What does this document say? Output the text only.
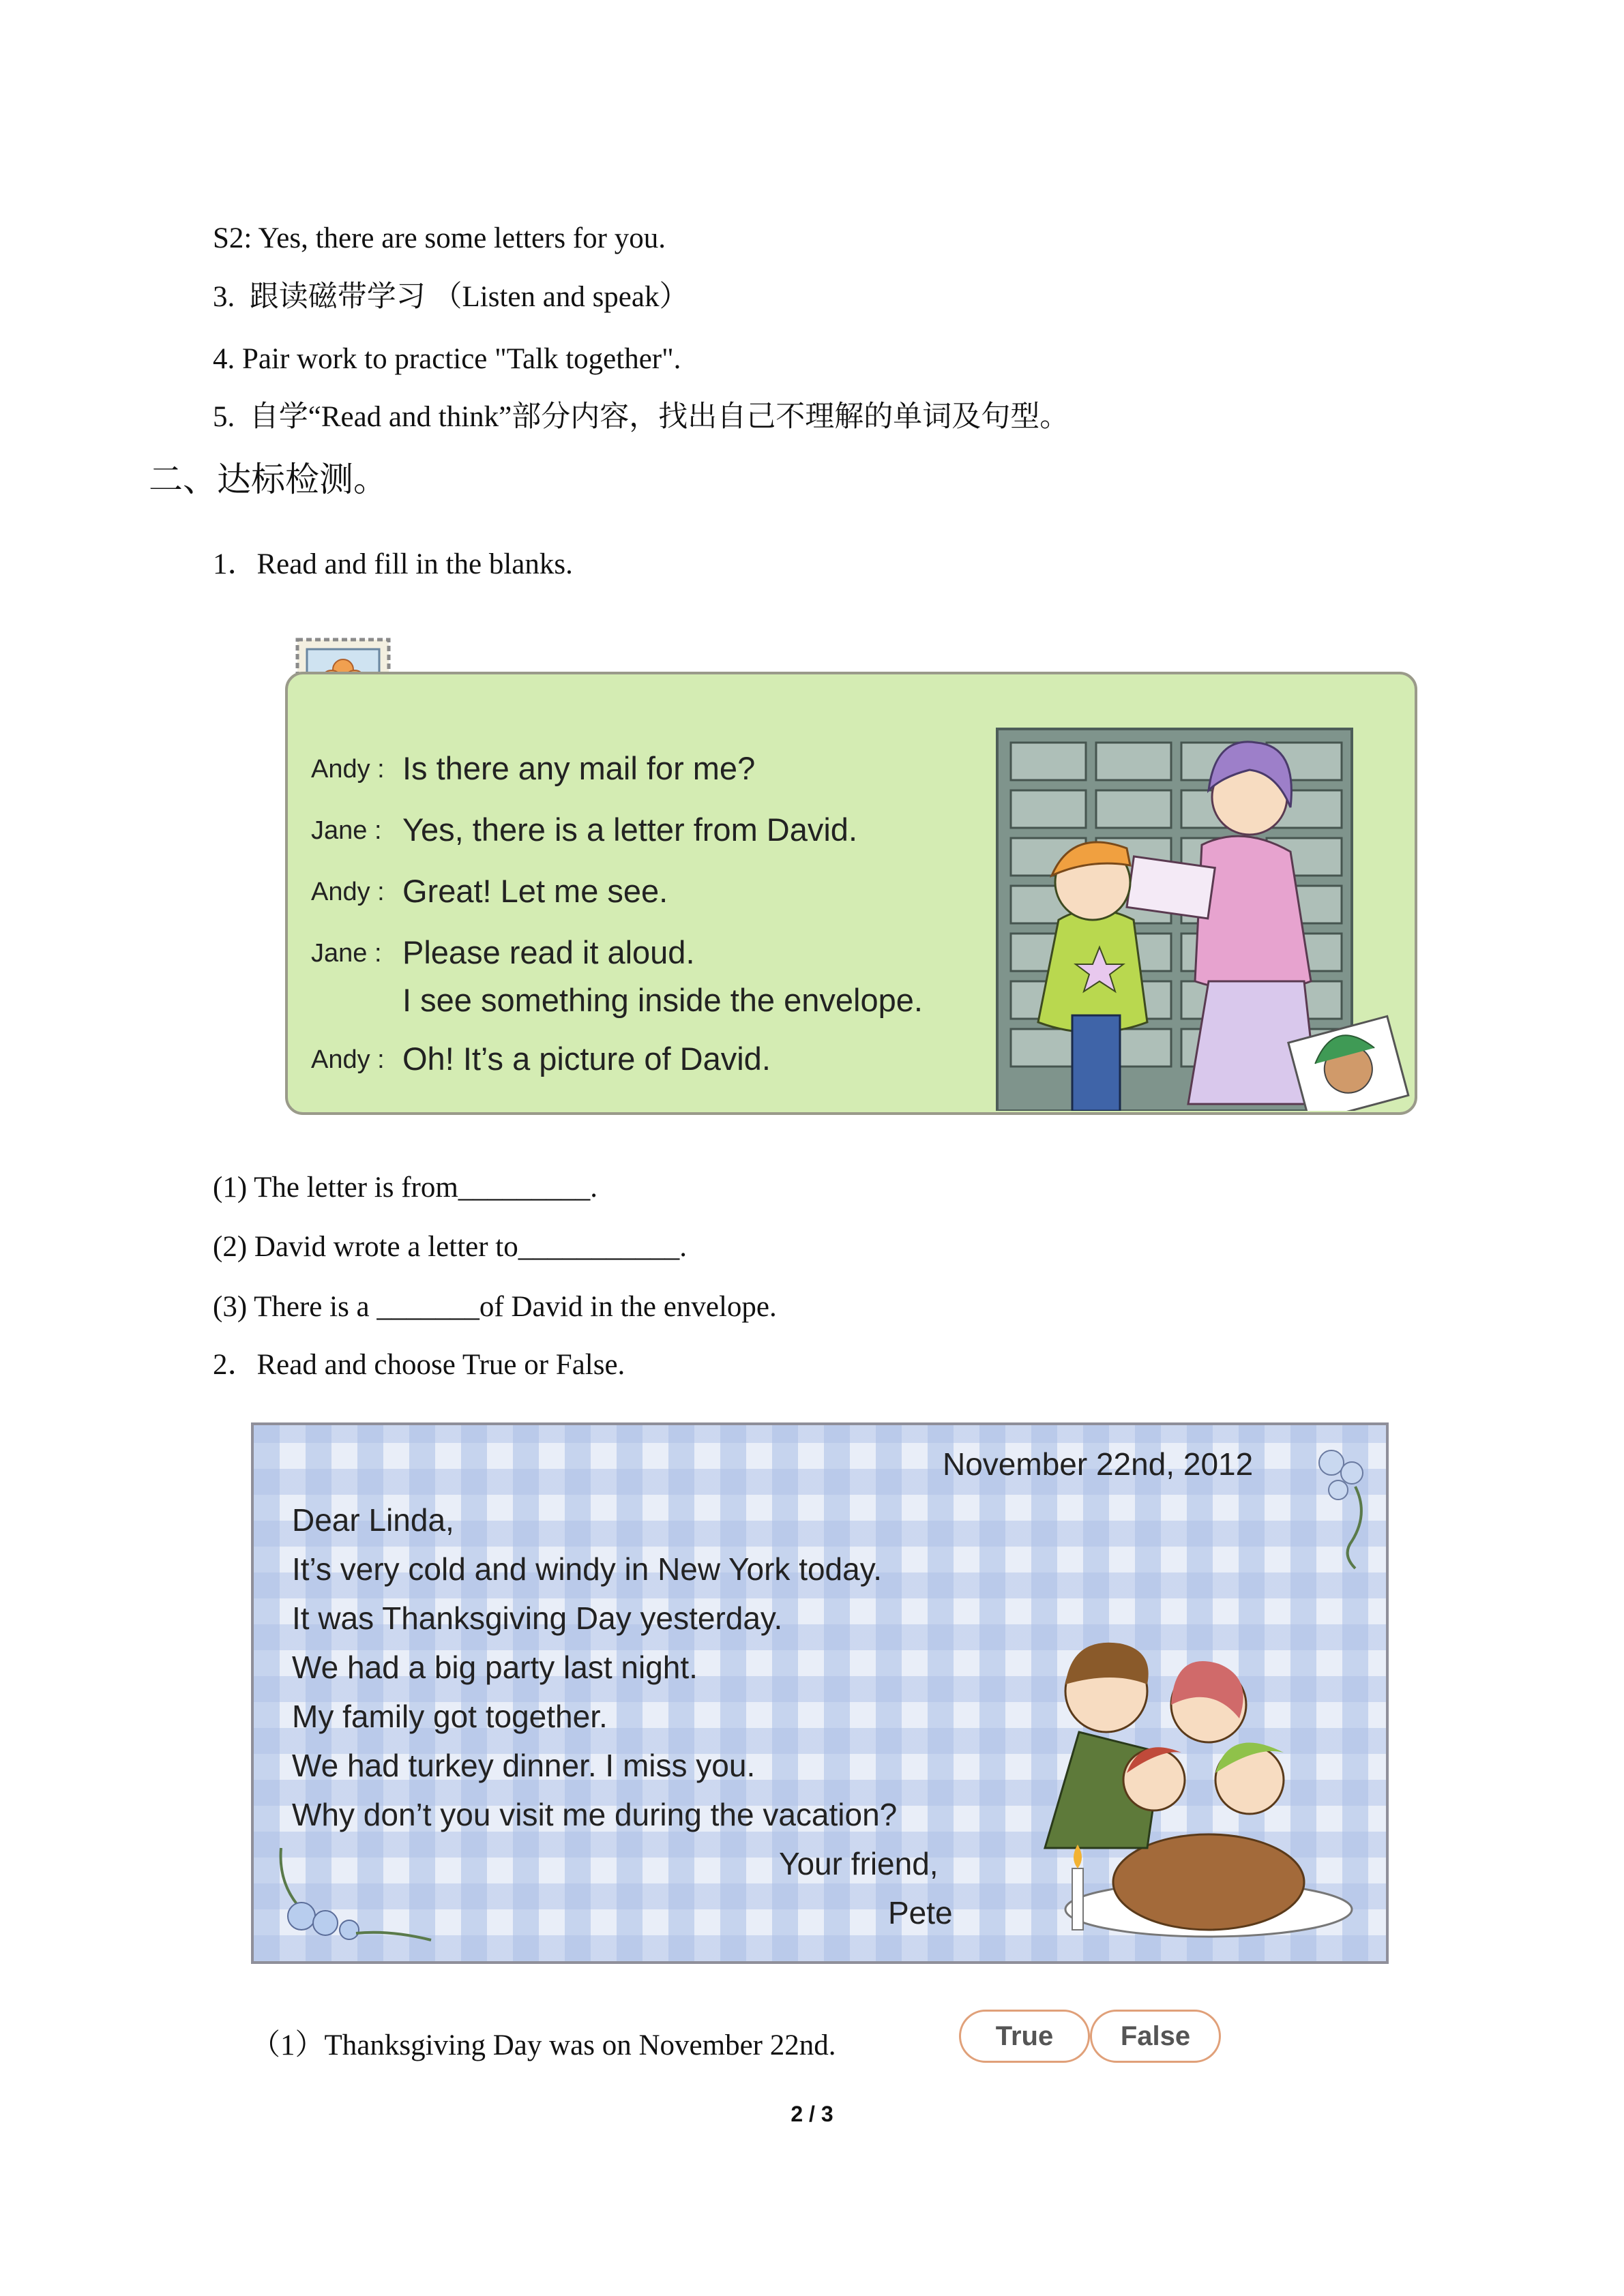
S2: Yes, there are some letters for you.
3.  跟读磁带学习 （Listen and speak）
4. Pair work to practice "Talk together".
5.  自学“Read and think”部分内容，找出自己不理解的单词及句型。
二、达标检测。
1．Read and fill in the blanks.
Andy : Is there any mail for me?
Jane : Yes, there is a letter from David.
Andy : Great! Let me see.
Jane : Please read it aloud.
I see something inside the envelope.
Andy : Oh! It’s a picture of David.
(1) The letter is from_________.
(2) David wrote a letter to___________.
(3) There is a _______of David in the envelope.
2．Read and choose True or False.
November 22nd, 2012
Dear Linda,
It’s very cold and windy in New York today.
It was Thanksgiving Day yesterday.
We had a big party last night.
My family got together.
We had turkey dinner. I miss you.
Why don’t you visit me during the vacation?
Your friend,
Pete
（1）Thanksgiving Day was on November 22nd.	True	False
2 / 3
